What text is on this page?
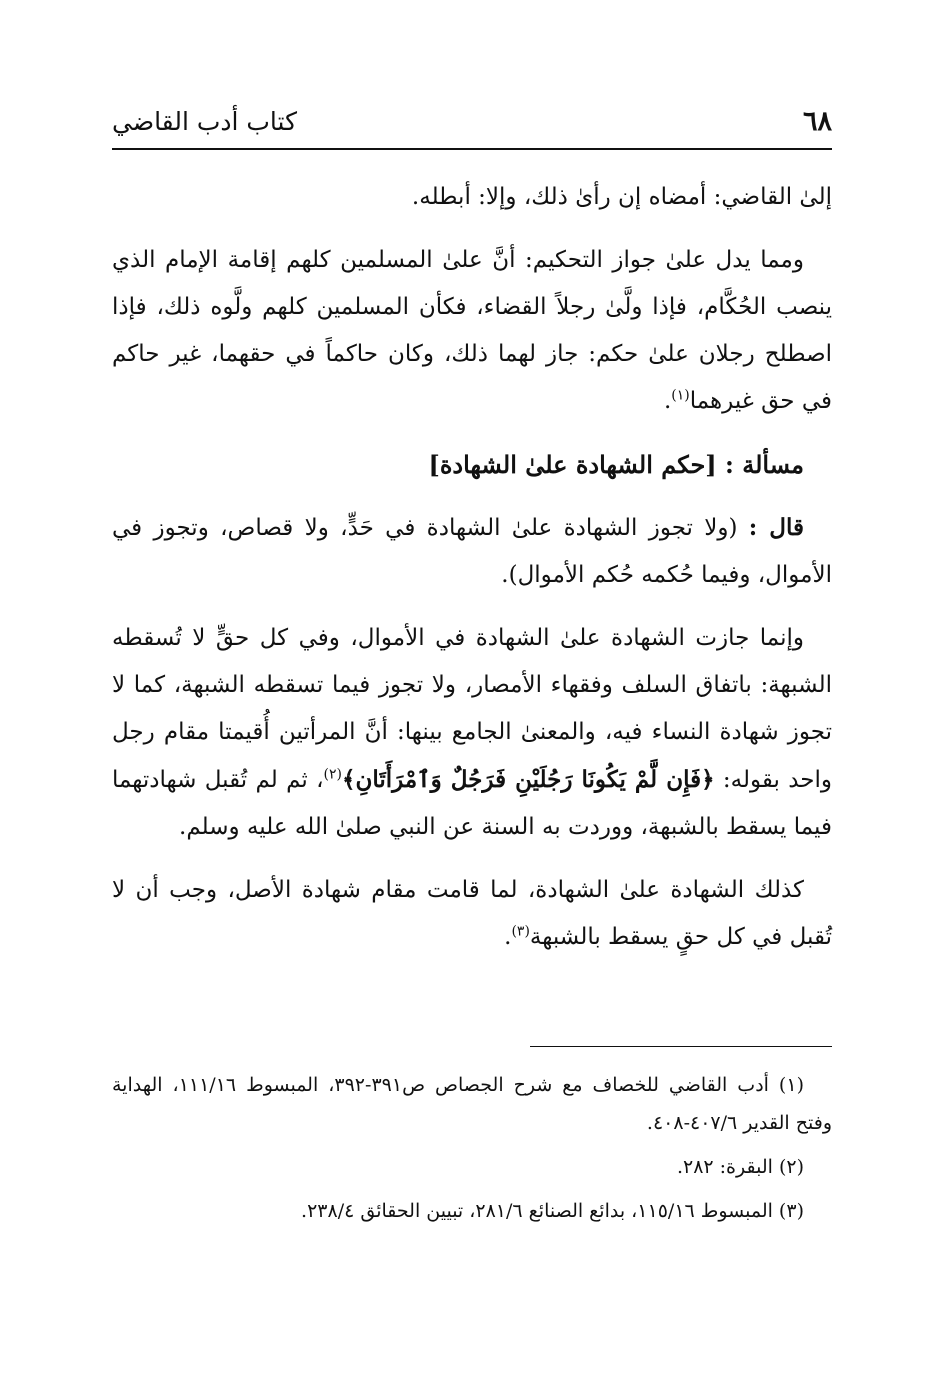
٦٨
كتاب أدب القاضي

إلىٰ القاضي: أمضاه إن رأىٰ ذلك، وإلا: أبطله.

ومما يدل علىٰ جواز التحكيم: أنَّ علىٰ المسلمين كلهم إقامة الإمام الذي ينصب الحُكَّام، فإذا ولَّىٰ رجلاً القضاء، فكأن المسلمين كلهم ولَّوه ذلك، فإذا اصطلح رجلان علىٰ حكم: جاز لهما ذلك، وكان حاكماً في حقهما، غير حاكم في حق غيرهما$^{(١)}$.

مسألة : [حكم الشهادة علىٰ الشهادة]

قال : (ولا تجوز الشهادة علىٰ الشهادة في حَدٍّ، ولا قصاص، وتجوز في الأموال، وفيما حُكمه حُكم الأموال).

وإنما جازت الشهادة علىٰ الشهادة في الأموال، وفي كل حقٍّ لا تُسقطه الشبهة: باتفاق السلف وفقهاء الأمصار، ولا تجوز فيما تسقطه الشبهة، كما لا تجوز شهادة النساء فيه، والمعنىٰ الجامع بينها: أنَّ المرأتين أُقيمتا مقام رجل واحد بقوله: ﴿فَإِن لَّمْ يَكُونَا رَجُلَيْنِ فَرَجُلٌ وَٱمْرَأَتَانِ﴾$^{(٢)}$، ثم لم تُقبل شهادتهما فيما يسقط بالشبهة، ووردت به السنة عن النبي صلىٰ الله عليه وسلم.

كذلك الشهادة علىٰ الشهادة، لما قامت مقام شهادة الأصل، وجب أن لا تُقبل في كل حقٍ يسقط بالشبهة$^{(٣)}$.

(١) أدب القاضي للخصاف مع شرح الجصاص ص٣٩١-٣٩٢، المبسوط ١١١/١٦، الهداية وفتح القدير ٤٠٧/٦-٤٠٨.

(٢) البقرة: ٢٨٢.

(٣) المبسوط ١١٥/١٦، بدائع الصنائع ٢٨١/٦، تبيين الحقائق ٢٣٨/٤.
